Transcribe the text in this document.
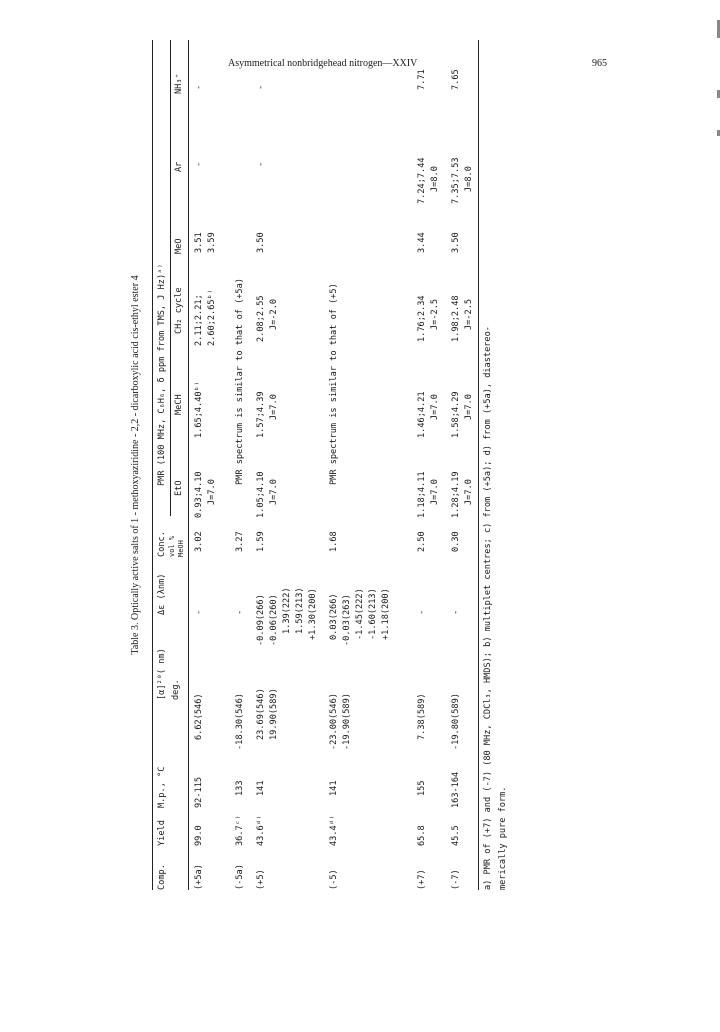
Asymmetrical nonbridgehead nitrogen—XXIV	965
Table 3. Optically active salts of 1 - methoxyaziridine - 2,2 - dicarboxylic acid cis-ethyl ester 4
Comp.
Yield
M.p., °C
[α]²⁰( nm) deg.
Δε (λnm)
Conc. vol % MeOH
PMR (100 MHz, C₆H₆, δ ppm from TMS, J Hz)ᵃ⁾
EtO
MeCH
CH₂ cycle
MeO
Ar
NH₃⁺
(+5a)
99.0
92-115
6.62(546)
-
3.02
0.93;4.10 J=7.0
1.65;4.40ᵇ⁾
2.11;2.21; 2.60;2.65ᵇ⁾
3.51 3.59
-
-
(-5a)
36.7ᶜ⁾
133
-18.30(546)
-
3.27
PMR spectrum is similar to that of (+5a)
(+5)
43.6ᵈ⁾
141
23.69(546) 19.90(589)
-0.09(266) -0.06(260) 1.39(222) 1.59(213) +1.30(200)
1.59
1.05;4.10 J=7.0
1.57;4.39 J=7.0
2.08;2.55 J=-2.0
3.50
-
-
(-5)
43.4ᵈ⁾
141
-23.00(546) -19.90(589)
0.03(266) -0.03(263) -1.45(222) -1.60(213) +1.18(200)
1.68
PMR spectrum is similar to that of (+5)
(+7)
65.8
155
7.38(589)
-
2.50
1.18;4.11 J=7.0
1.46;4.21 J=7.0
1.76;2.34 J=-2.5
3.44
7.24;7.44 J=8.0
7.71
(-7)
45.5
163-164
-19.80(589)
-
0.30
1.28;4.19 J=7.0
1.58;4.29 J=7.0
1.98;2.48 J=-2.5
3.50
7.35;7.53 J=8.0
7.65
a) PMR of (+7) and (-7) (80 MHz, CDCl₃, HMDS); b) multiplet centres; c) from (+5a); d) from (+5a), diastereo- merically pure form.
